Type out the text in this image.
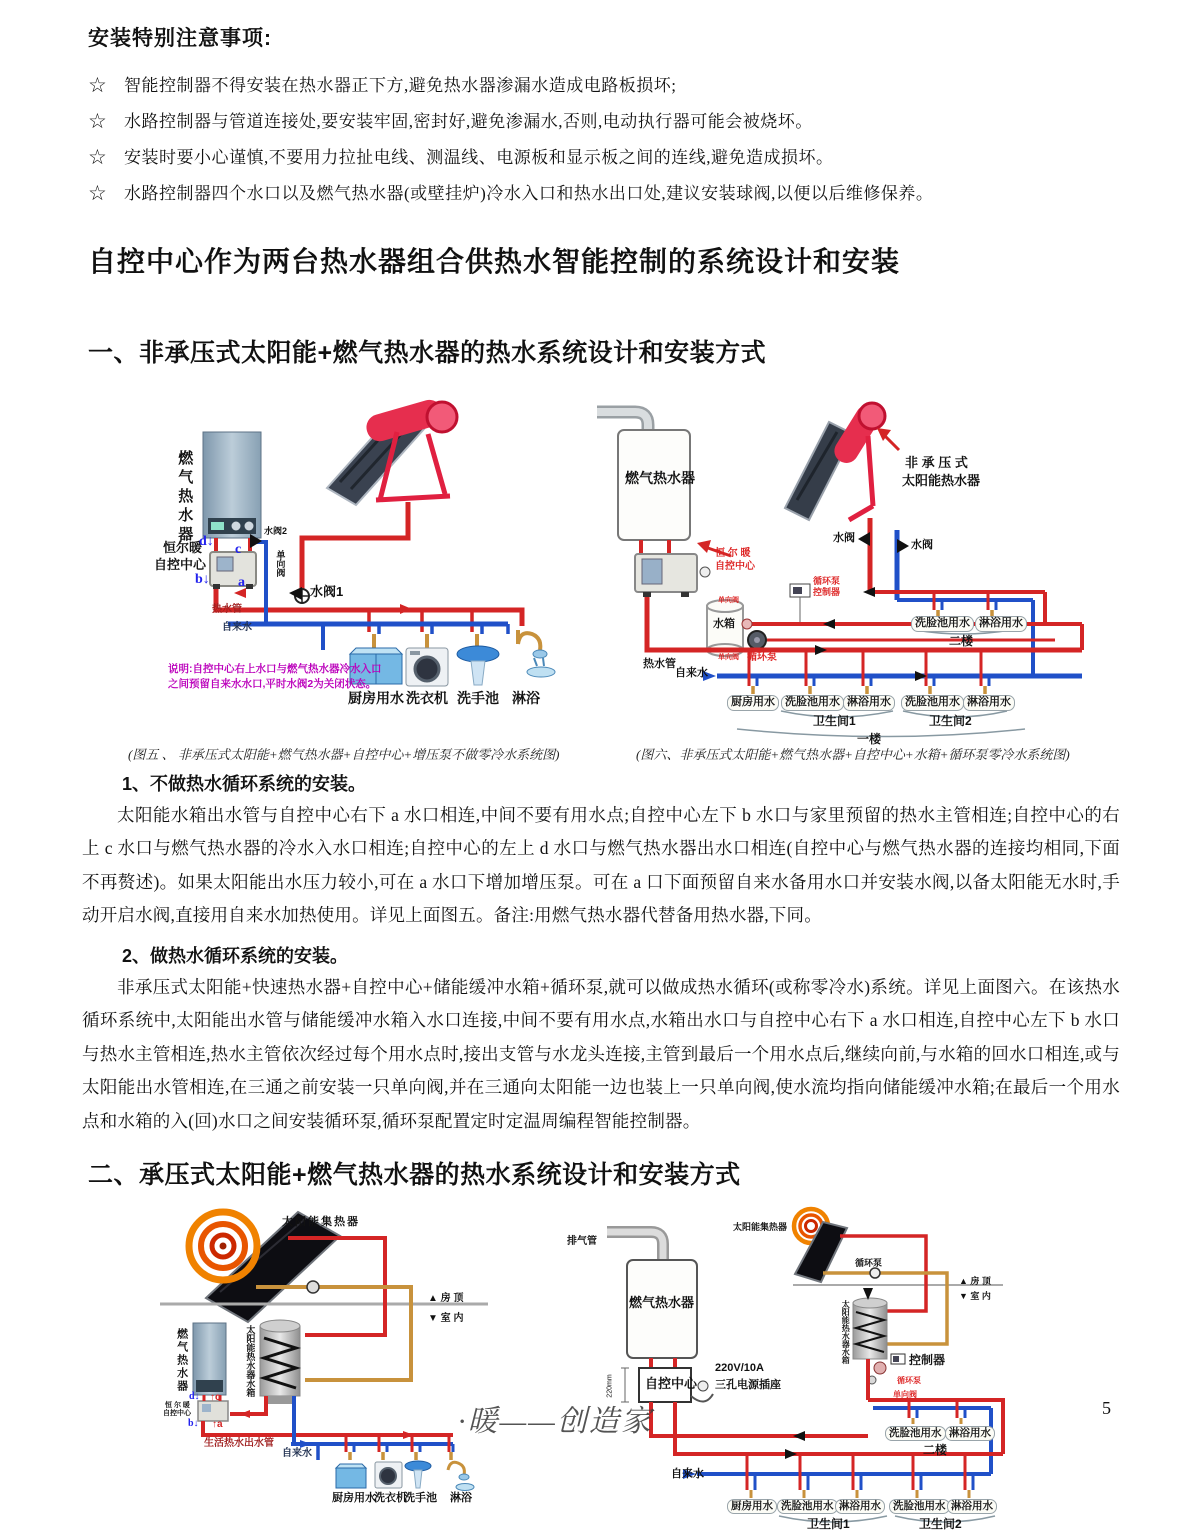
安装特别注意事项:
☆	智能控制器不得安装在热水器正下方,避免热水器渗漏水造成电路板损坏;
☆	水路控制器与管道连接处,要安装牢固,密封好,避免渗漏水,否则,电动执行器可能会被烧坏。
☆	安装时要小心谨慎,不要用力拉扯电线、测温线、电源板和显示板之间的连线,避免造成损坏。
☆	水路控制器四个水口以及燃气热水器(或壁挂炉)冷水入口和热水出口处,建议安装球阀,以便以后维修保养。
自控中心作为两台热水器组合供热水智能控制的系统设计和安装
一、非承压式太阳能+燃气热水器的热水系统设计和安装方式
燃气热水器
恒尔暖
自控中心
d↓
c
b↓ a
水阀2
单向阀
水阀1
热水管
自来水
说明:自控中心右上水口与燃气热水器冷水入口
之间预留自来水水口,平时水阀2为关闭状态。
厨房用水 洗衣机 洗手池 淋浴
燃气热水器
恒 尔 暖
自控中心
非 承 压 式
太阳能热水器
水阀
水阀
循环泵
控制器
水箱
单向阀
单向阀 循环泵
热水管
自来水
洗脸池用水 淋浴用水
二楼
厨房用水 洗脸池用水 淋浴用水	洗脸池用水 淋浴用水
卫生间1	卫生间2
一楼
(图五 、 非承压式太阳能+燃气热水器+自控中心+增压泵不做零冷水系统图)	(图六、非承压式太阳能+燃气热水器+自控中心+水箱+循环泵零冷水系统图)
1、不做热水循环系统的安装。
太阳能水箱出水管与自控中心右下 a 水口相连,中间不要有用水点;自控中心左下 b 水口与家里预留的热水主管相连;自控中心的右上 c 水口与燃气热水器的冷水入水口相连;自控中心的左上 d 水口与燃气热水器出水口相连(自控中心与燃气热水器的连接均相同,下面不再赘述)。如果太阳能出水压力较小,可在 a 水口下增加增压泵。可在 a 口下面预留自来水备用水口并安装水阀,以备太阳能无水时,手动开启水阀,直接用自来水加热使用。详见上面图五。备注:用燃气热水器代替备用热水器,下同。
2、做热水循环系统的安装。
非承压式太阳能+快速热水器+自控中心+储能缓冲水箱+循环泵,就可以做成热水循环(或称零冷水)系统。详见上面图六。在该热水循环系统中,太阳能出水管与储能缓冲水箱入水口连接,中间不要有用水点,水箱出水口与自控中心右下 a 水口相连,自控中心左下 b 水口与热水主管相连,热水主管依次经过每个用水点时,接出支管与水龙头连接,主管到最后一个用水点后,继续向前,与水箱的回水口相连,或与太阳能出水管相连,在三通之前安装一只单向阀,并在三通向太阳能一边也装上一只单向阀,使水流均指向储能缓冲水箱;在最后一个用水点和水箱的入(回)水口之间安装循环泵,循环泵配置定时定温周编程智能控制器。
二、承压式太阳能+燃气热水器的热水系统设计和安装方式
太阳能集热器
▲ 房 顶
▼ 室 内
燃气热水器	太阳能热水器水箱
恒 尔 暖
自控中心
d↓ ↑c
b↓ ↑a
生活热水出水管
自来水
厨房用水
洗衣机
洗手池 淋浴
排气管
燃气热水器
自控中心
220mm
220V/10A
三孔电源插座
太阳能集热器
循环泵
▲ 房 顶
▼ 室 内
太阳能热水器水箱	控制器
循环泵
单向阀
洗脸池用水 淋浴用水
二楼
自来水
厨房用水 洗脸池用水 淋浴用水	洗脸池用水 淋浴用水
卫生间1	卫生间2
·暖——创造家	5
